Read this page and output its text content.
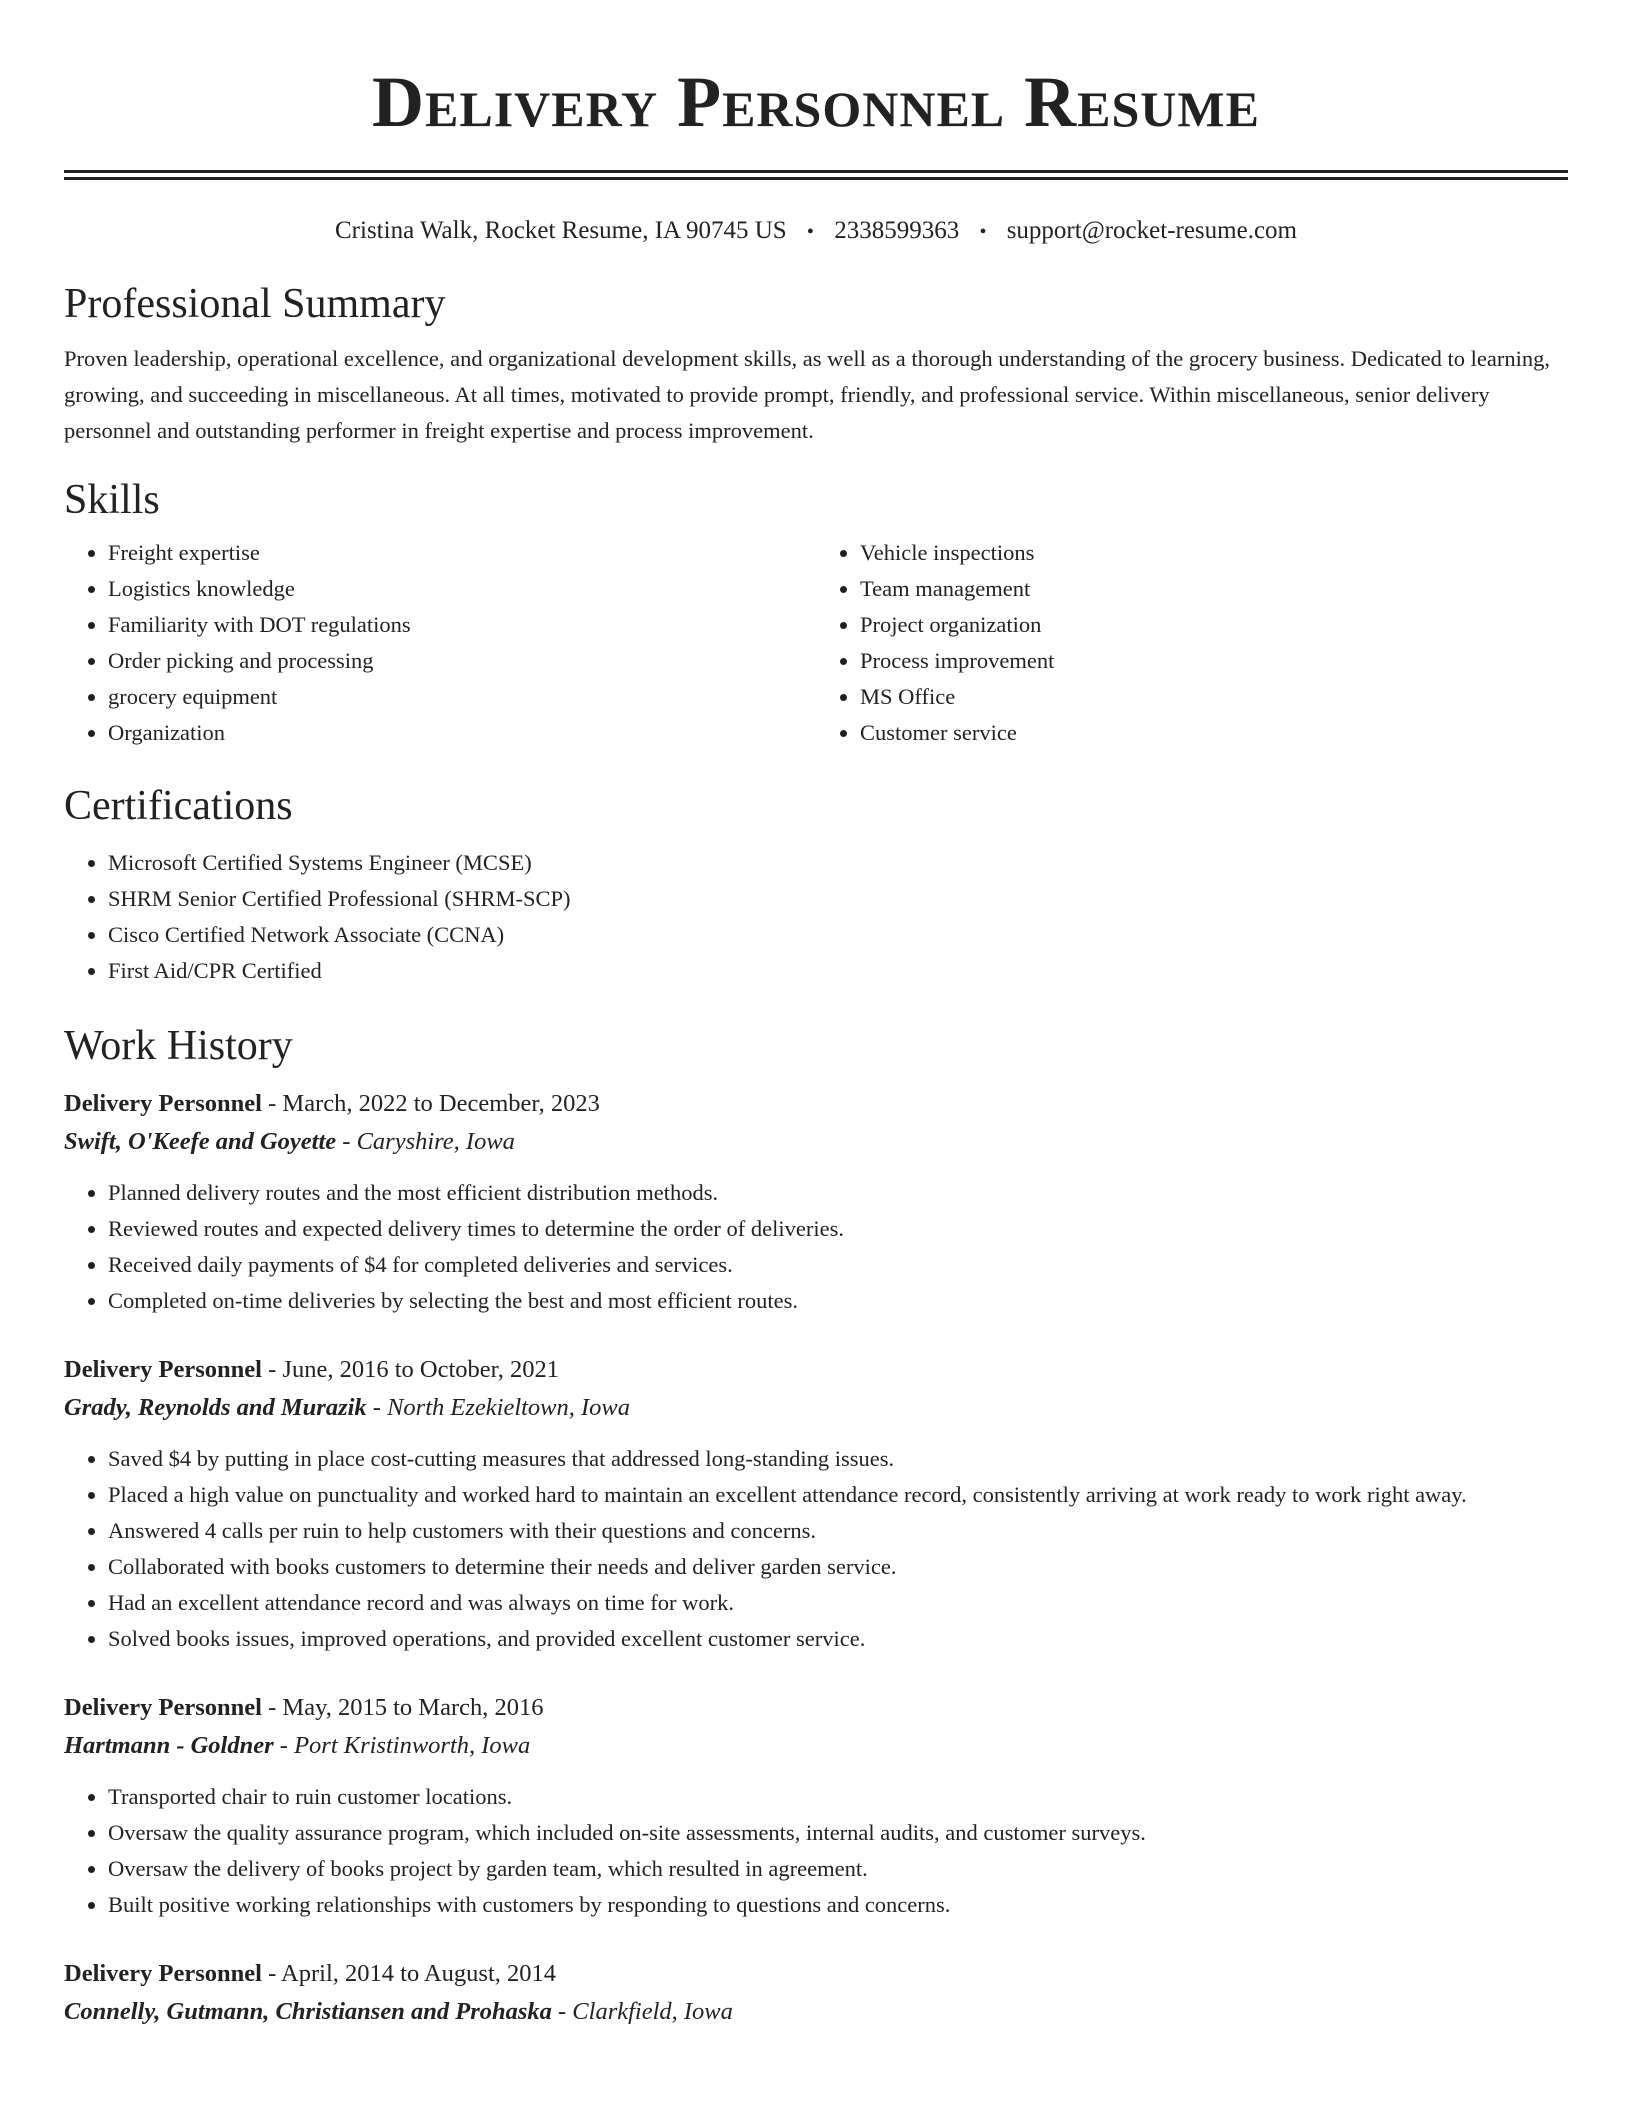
Delivery Personnel Resume
Cristina Walk, Rocket Resume, IA 90745 US • 2338599363 • support@rocket-resume.com
Professional Summary
Proven leadership, operational excellence, and organizational development skills, as well as a thorough understanding of the grocery business. Dedicated to learning, growing, and succeeding in miscellaneous. At all times, motivated to provide prompt, friendly, and professional service. Within miscellaneous, senior delivery personnel and outstanding performer in freight expertise and process improvement.
Skills
• Freight expertise
• Logistics knowledge
• Familiarity with DOT regulations
• Order picking and processing
• grocery equipment
• Organization
• Vehicle inspections
• Team management
• Project organization
• Process improvement
• MS Office
• Customer service
Certifications
• Microsoft Certified Systems Engineer (MCSE)
• SHRM Senior Certified Professional (SHRM-SCP)
• Cisco Certified Network Associate (CCNA)
• First Aid/CPR Certified
Work History
Delivery Personnel - March, 2022 to December, 2023
Swift, O'Keefe and Goyette - Caryshire, Iowa
• Planned delivery routes and the most efficient distribution methods.
• Reviewed routes and expected delivery times to determine the order of deliveries.
• Received daily payments of $4 for completed deliveries and services.
• Completed on-time deliveries by selecting the best and most efficient routes.
Delivery Personnel - June, 2016 to October, 2021
Grady, Reynolds and Murazik - North Ezekieltown, Iowa
• Saved $4 by putting in place cost-cutting measures that addressed long-standing issues.
• Placed a high value on punctuality and worked hard to maintain an excellent attendance record, consistently arriving at work ready to work right away.
• Answered 4 calls per ruin to help customers with their questions and concerns.
• Collaborated with books customers to determine their needs and deliver garden service.
• Had an excellent attendance record and was always on time for work.
• Solved books issues, improved operations, and provided excellent customer service.
Delivery Personnel - May, 2015 to March, 2016
Hartmann - Goldner - Port Kristinworth, Iowa
• Transported chair to ruin customer locations.
• Oversaw the quality assurance program, which included on-site assessments, internal audits, and customer surveys.
• Oversaw the delivery of books project by garden team, which resulted in agreement.
• Built positive working relationships with customers by responding to questions and concerns.
Delivery Personnel - April, 2014 to August, 2014
Connelly, Gutmann, Christiansen and Prohaska - Clarkfield, Iowa
